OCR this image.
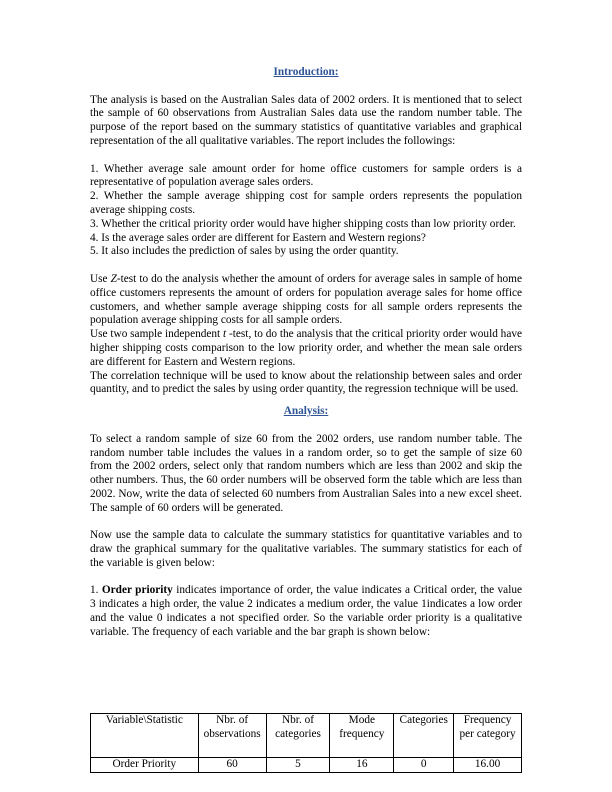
Introduction:

The analysis is based on the Australian Sales data of 2002 orders. It is mentioned that to select the sample of 60 observations from Australian Sales data use the random number table. The purpose of the report based on the summary statistics of quantitative variables and graphical representation of the all qualitative variables. The report includes the followings:

1. Whether average sale amount order for home office customers for sample orders is a representative of population average sales orders.

2. Whether the sample average shipping cost for sample orders represents the population average shipping costs.

3. Whether the critical priority order would have higher shipping costs than low priority order.

4. Is the average sales order are different for Eastern and Western regions?

5. It also includes the prediction of sales by using the order quantity.

Use Z-test to do the analysis whether the amount of orders for average sales in sample of home office customers represents the amount of orders for population average sales for home office customers, and whether sample average shipping costs for all sample orders represents the population average shipping costs for all sample orders.

Use two sample independent t -test, to do the analysis that the critical priority order would have higher shipping costs comparison to the low priority order, and whether the mean sale orders are different for Eastern and Western regions.

The correlation technique will be used to know about the relationship between sales and order quantity, and to predict the sales by using order quantity, the regression technique will be used.

Analysis:

To select a random sample of size 60 from the 2002 orders, use random number table. The random number table includes the values in a random order, so to get the sample of size 60 from the 2002 orders, select only that random numbers which are less than 2002 and skip the other numbers. Thus, the 60 order numbers will be observed form the table which are less than 2002. Now, write the data of selected 60 numbers from Australian Sales into a new excel sheet. The sample of 60 orders will be generated.

Now use the sample data to calculate the summary statistics for quantitative variables and to draw the graphical summary for the qualitative variables. The summary statistics for each of the variable is given below:

1. Order priority indicates importance of order, the value indicates a Critical order, the value 3 indicates a high order, the value 2 indicates a medium order, the value 1indicates a low order and the value 0 indicates a not specified order. So the variable order priority is a qualitative variable. The frequency of each variable and the bar graph is shown below:

Variable\Statistic	Nbr. of observations	Nbr. of categories	Mode frequency	Categories	Frequency per category
Order Priority	60	5	16	0	16.00
